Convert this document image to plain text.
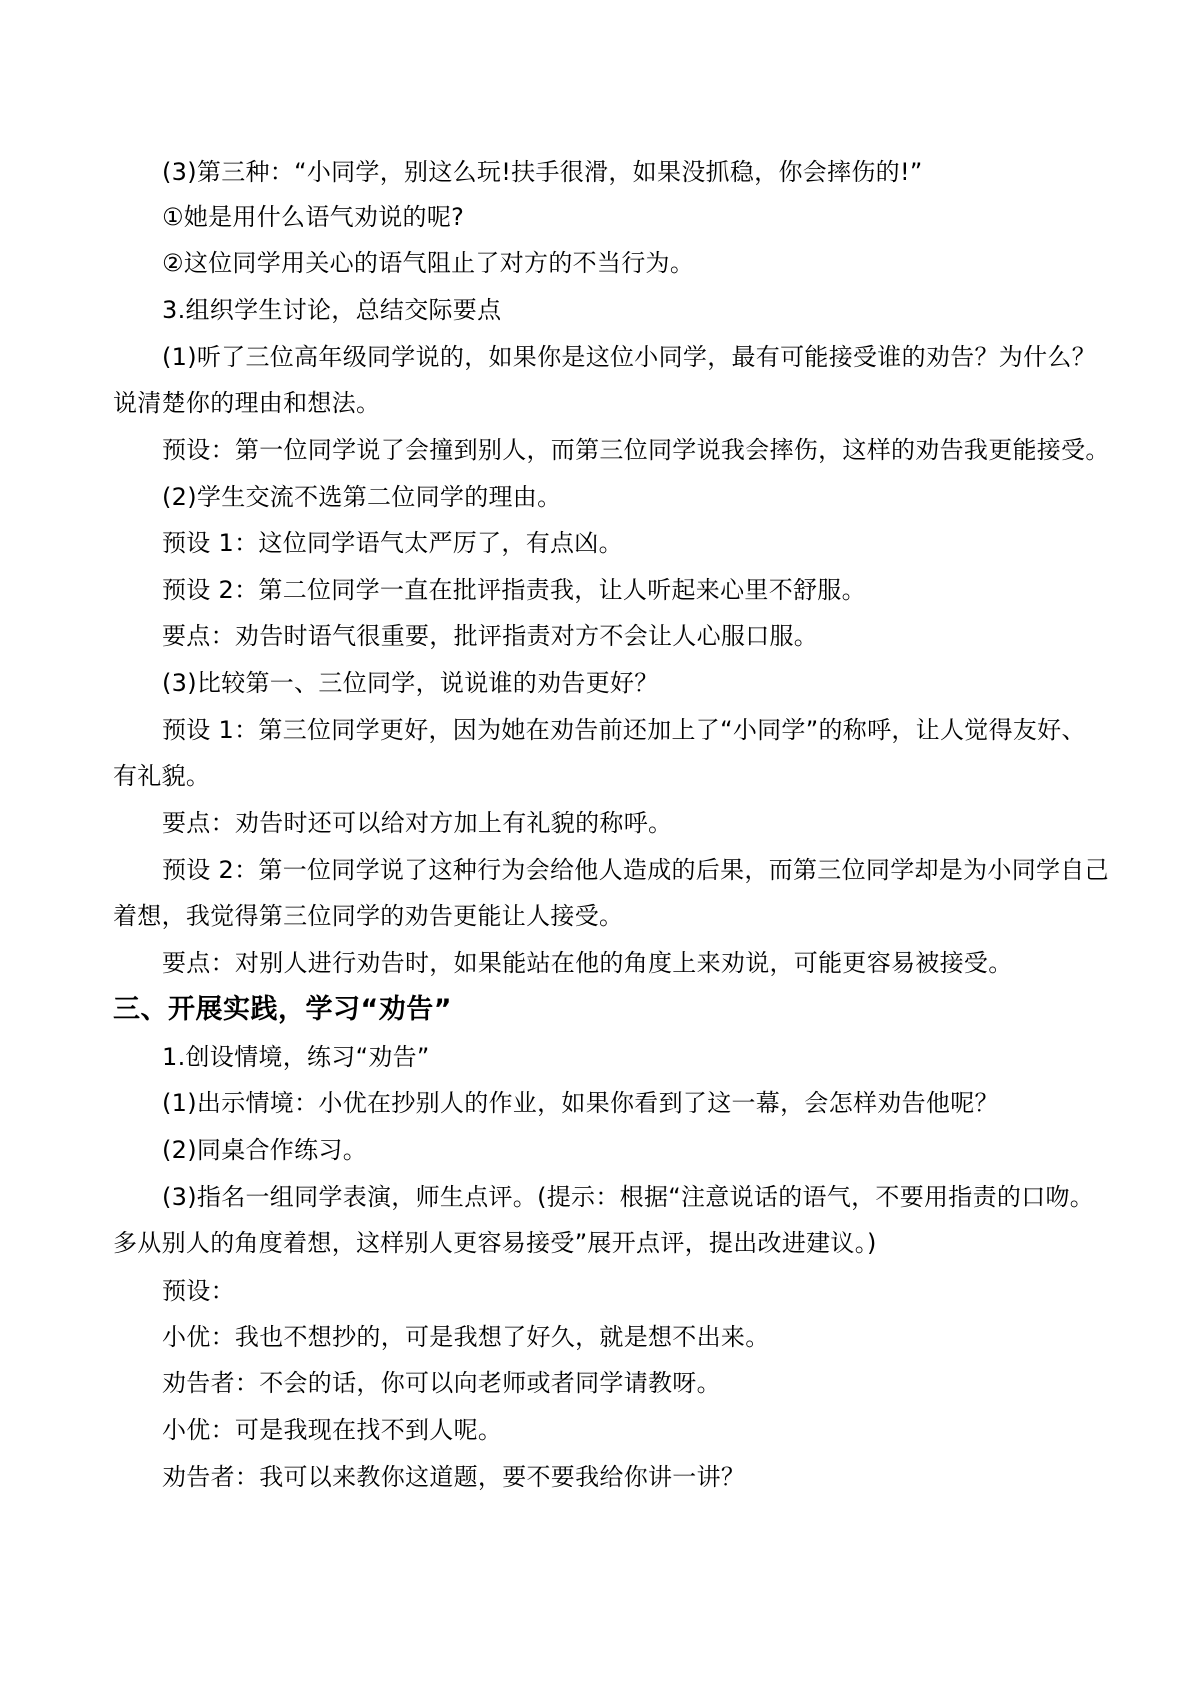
(3)第三种：“小同学，别这么玩!扶手很滑，如果没抓稳，你会摔伤的!”
①她是用什么语气劝说的呢?
②这位同学用关心的语气阻止了对方的不当行为。
3.组织学生讨论，总结交际要点
(1)听了三位高年级同学说的，如果你是这位小同学，最有可能接受谁的劝告？为什么？
说清楚你的理由和想法。
预设：第一位同学说了会撞到别人，而第三位同学说我会摔伤，这样的劝告我更能接受。
(2)学生交流不选第二位同学的理由。
预设 1：这位同学语气太严厉了，有点凶。
预设 2：第二位同学一直在批评指责我，让人听起来心里不舒服。
要点：劝告时语气很重要，批评指责对方不会让人心服口服。
(3)比较第一、三位同学，说说谁的劝告更好？
预设 1：第三位同学更好，因为她在劝告前还加上了“小同学”的称呼，让人觉得友好、
有礼貌。
要点：劝告时还可以给对方加上有礼貌的称呼。
预设 2：第一位同学说了这种行为会给他人造成的后果，而第三位同学却是为小同学自己
着想，我觉得第三位同学的劝告更能让人接受。
要点：对别人进行劝告时，如果能站在他的角度上来劝说，可能更容易被接受。
三、开展实践，学习“劝告”
1.创设情境，练习“劝告”
(1)出示情境：小优在抄别人的作业，如果你看到了这一幕，会怎样劝告他呢？
(2)同桌合作练习。
(3)指名一组同学表演，师生点评。(提示：根据“注意说话的语气，不要用指责的口吻。
多从别人的角度着想，这样别人更容易接受”展开点评，提出改进建议。)
预设：
小优：我也不想抄的，可是我想了好久，就是想不出来。
劝告者：不会的话，你可以向老师或者同学请教呀。
小优：可是我现在找不到人呢。
劝告者：我可以来教你这道题，要不要我给你讲一讲？
